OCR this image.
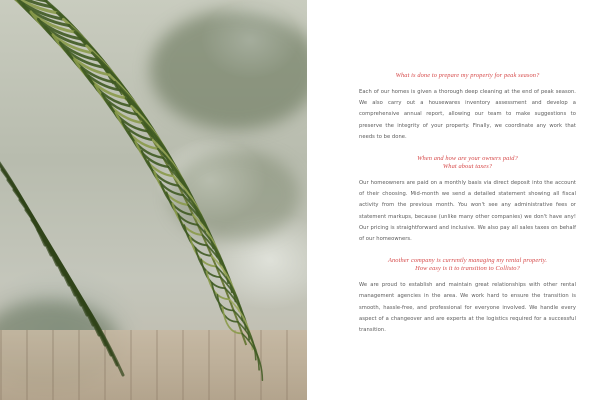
What is done to prepare my property for peak season?

Each of our homes is given a thorough deep cleaning at the end of peak season. We also carry out a housewares inventory assessment and develop a comprehensive annual report, allowing our team to make suggestions to preserve the integrity of your property. Finally, we coordinate any work that needs to be done.

When and how are your owners paid?
What about taxes?

Our homeowners are paid on a monthly basis via direct deposit into the account of their choosing. Mid-month we send a detailed statement showing all fiscal activity from the previous month. You won't see any administrative fees or statement markups, because (unlike many other companies) we don't have any! Our pricing is straightforward and inclusive. We also pay all sales taxes on behalf of our homeowners.

Another company is currently managing my rental property.
How easy is it to transition to Collisto?

We are proud to establish and maintain great relationships with other rental management agencies in the area. We work hard to ensure the transition is smooth, hassle-free, and professional for everyone involved. We handle every aspect of a changeover and are experts at the logistics required for a successful transition.
